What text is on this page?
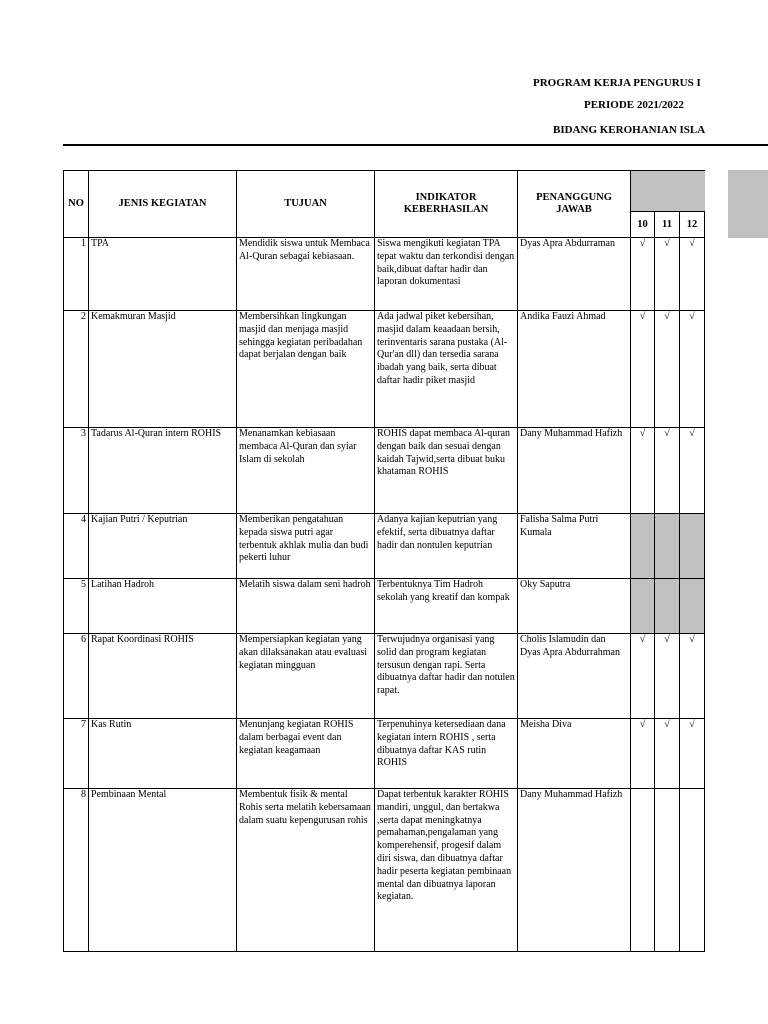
PROGRAM KERJA PENGURUS I
PERIODE 2021/2022
BIDANG KEROHANIAN ISLA
NO	JENIS KEGIATAN	TUJUAN	INDIKATOR KEBERHASILAN	PENANGGUNG JAWAB			
					10	11	12
1	TPA	Mendidik siswa untuk Membaca Al-Quran sebagai kebiasaan.	Siswa mengikuti kegiatan TPA tepat waktu dan terkondisi dengan baik,dibuat daftar hadir dan laporan dokumentasi	Dyas Apra Abdurraman	√	√	√
2	Kemakmuran Masjid	Membersihkan lingkungan masjid dan menjaga masjid sehingga kegiatan peribadahan dapat berjalan dengan baik	Ada jadwal piket kebersihan, masjid dalam keaadaan bersih, terinventaris sarana pustaka (Al-Qur'an dll) dan tersedia sarana ibadah yang baik, serta dibuat daftar hadir piket masjid	Andika Fauzi Ahmad	√	√	√
3	Tadarus Al-Quran intern ROHIS	Menanamkan kebiasaan membaca Al-Quran dan syiar Islam di sekolah	ROHIS dapat membaca Al-quran dengan baik dan sesuai dengan kaidah Tajwid,serta dibuat buku khataman ROHIS	Dany Muhammad Hafizh	√	√	√
4	Kajian Putri / Keputrian	Memberikan pengatahuan kepada siswa putri agar terbentuk akhlak mulia dan budi pekerti luhur	Adanya kajian keputrian yang efektif, serta dibuatnya daftar hadir dan nontulen keputrian	Falisha Salma Putri Kumala			
5	Latihan Hadroh	Melatih siswa dalam seni hadroh	Terbentuknya Tim Hadroh sekolah yang kreatif dan kompak	Oky Saputra			
6	Rapat Koordinasi ROHIS	Mempersiapkan kegiatan yang akan dilaksanakan atau evaluasi kegiatan mingguan	Terwujudnya organisasi yang solid dan program kegiatan tersusun dengan rapi. Serta dibuatnya daftar hadir dan notulen rapat.	Cholis Islamudin dan Dyas Apra Abdurrahman	√	√	√
7	Kas Rutin	Menunjang kegiatan ROHIS dalam berbagai event dan kegiatan keagamaan	Terpenuhinya ketersediaan dana kegiatan intern ROHIS , serta dibuatnya daftar KAS rutin ROHIS	Meisha Diva	√	√	√
8	Pembinaan Mental	Membentuk fisik & mental Rohis serta melatih kebersamaan dalam suatu kepengurusan rohis	Dapat terbentuk karakter ROHIS mandiri, unggul, dan bertakwa ,serta dapat meningkatnya pemahaman,pengalaman yang komperehensif, progesif dalam diri siswa, dan dibuatnya daftar hadir peserta kegiatan pembinaan mental dan dibuatnya laporan kegiatan.	Dany Muhammad Hafizh			
